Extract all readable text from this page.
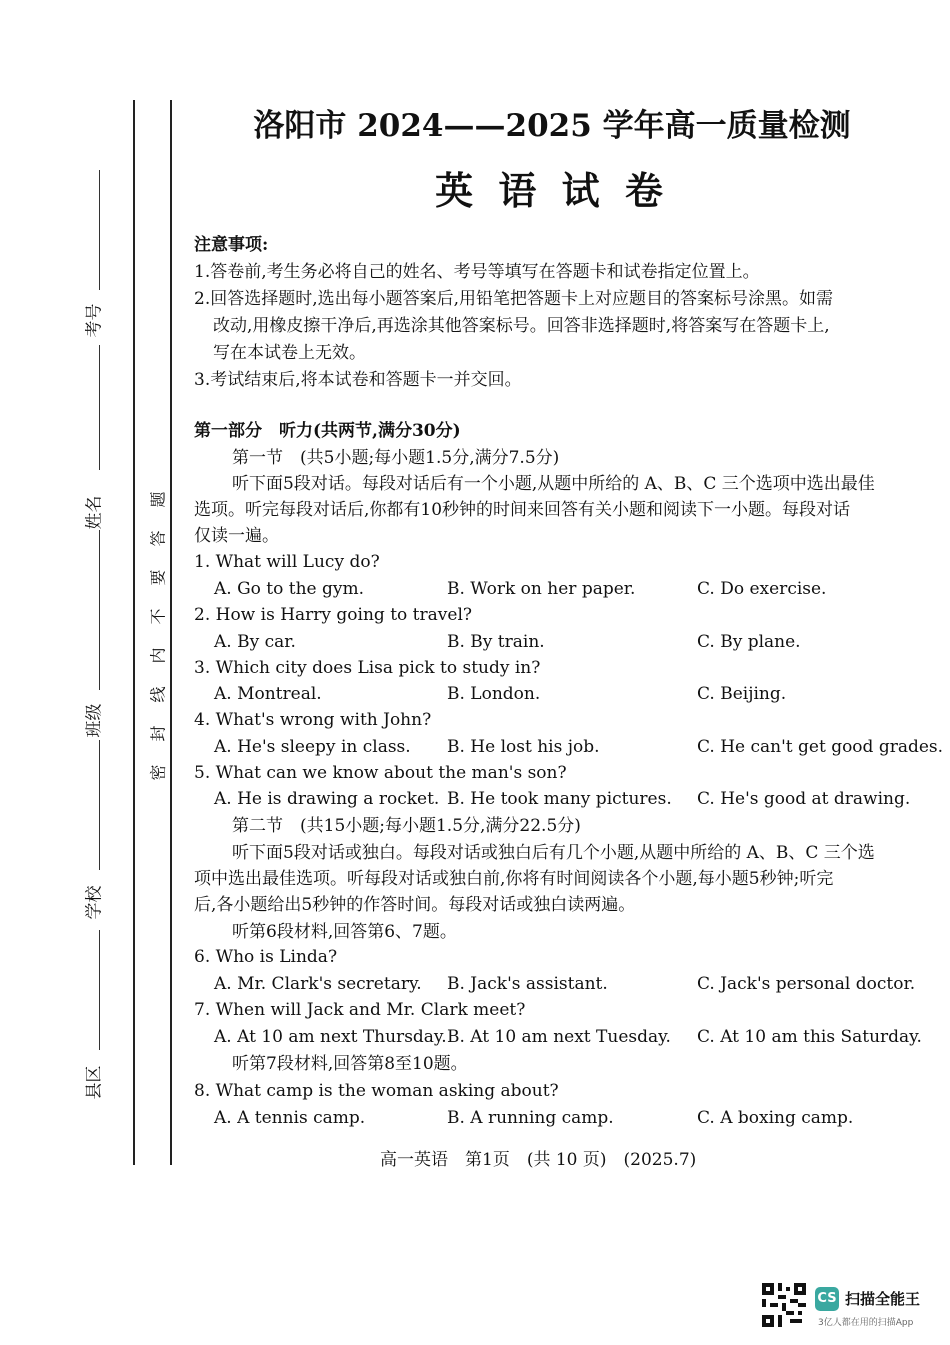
考号
姓名
班级
学校
县区
题
答
要
不
内
线
封
密
洛阳市 2024——2025 学年高一质量检测
英 语 试 卷
注意事项:
1.答卷前,考生务必将自己的姓名、考号等填写在答题卡和试卷指定位置上。
2.回答选择题时,选出每小题答案后,用铅笔把答题卡上对应题目的答案标号涂黑。如需
改动,用橡皮擦干净后,再选涂其他答案标号。回答非选择题时,将答案写在答题卡上,
写在本试卷上无效。
3.考试结束后,将本试卷和答题卡一并交回。
第一部分　听力(共两节,满分30分)
第一节　(共5小题;每小题1.5分,满分7.5分)
听下面5段对话。每段对话后有一个小题,从题中所给的 A、B、C 三个选项中选出最佳
选项。听完每段对话后,你都有10秒钟的时间来回答有关小题和阅读下一小题。每段对话
仅读一遍。
1. What will Lucy do?
A. Go to the gym.	B. Work on her paper.	C. Do exercise.
2. How is Harry going to travel?
A. By car.	B. By train.	C. By plane.
3. Which city does Lisa pick to study in?
A. Montreal.	B. London.	C. Beijing.
4. What's wrong with John?
A. He's sleepy in class. B. He lost his job.	C. He can't get good grades.
5. What can we know about the man's son?
A. He is drawing a rocket. B. He took many pictures. C. He's good at drawing.
第二节　(共15小题;每小题1.5分,满分22.5分)
听下面5段对话或独白。每段对话或独白后有几个小题,从题中所给的 A、B、C 三个选
项中选出最佳选项。听每段对话或独白前,你将有时间阅读各个小题,每小题5秒钟;听完
后,各小题给出5秒钟的作答时间。每段对话或独白读两遍。
听第6段材料,回答第6、7题。
6. Who is Linda?
A. Mr. Clark's secretary. B. Jack's assistant.	C. Jack's personal doctor.
7. When will Jack and Mr. Clark meet?
A. At 10 am next Thursday. B. At 10 am next Tuesday. C. At 10 am this Saturday.
听第7段材料,回答第8至10题。
8. What camp is the woman asking about?
A. A tennis camp.	B. A running camp.	C. A boxing camp.
高一英语　第1页　(共 10 页)　(2025.7)
CS 扫描全能王
3亿人都在用的扫描App
